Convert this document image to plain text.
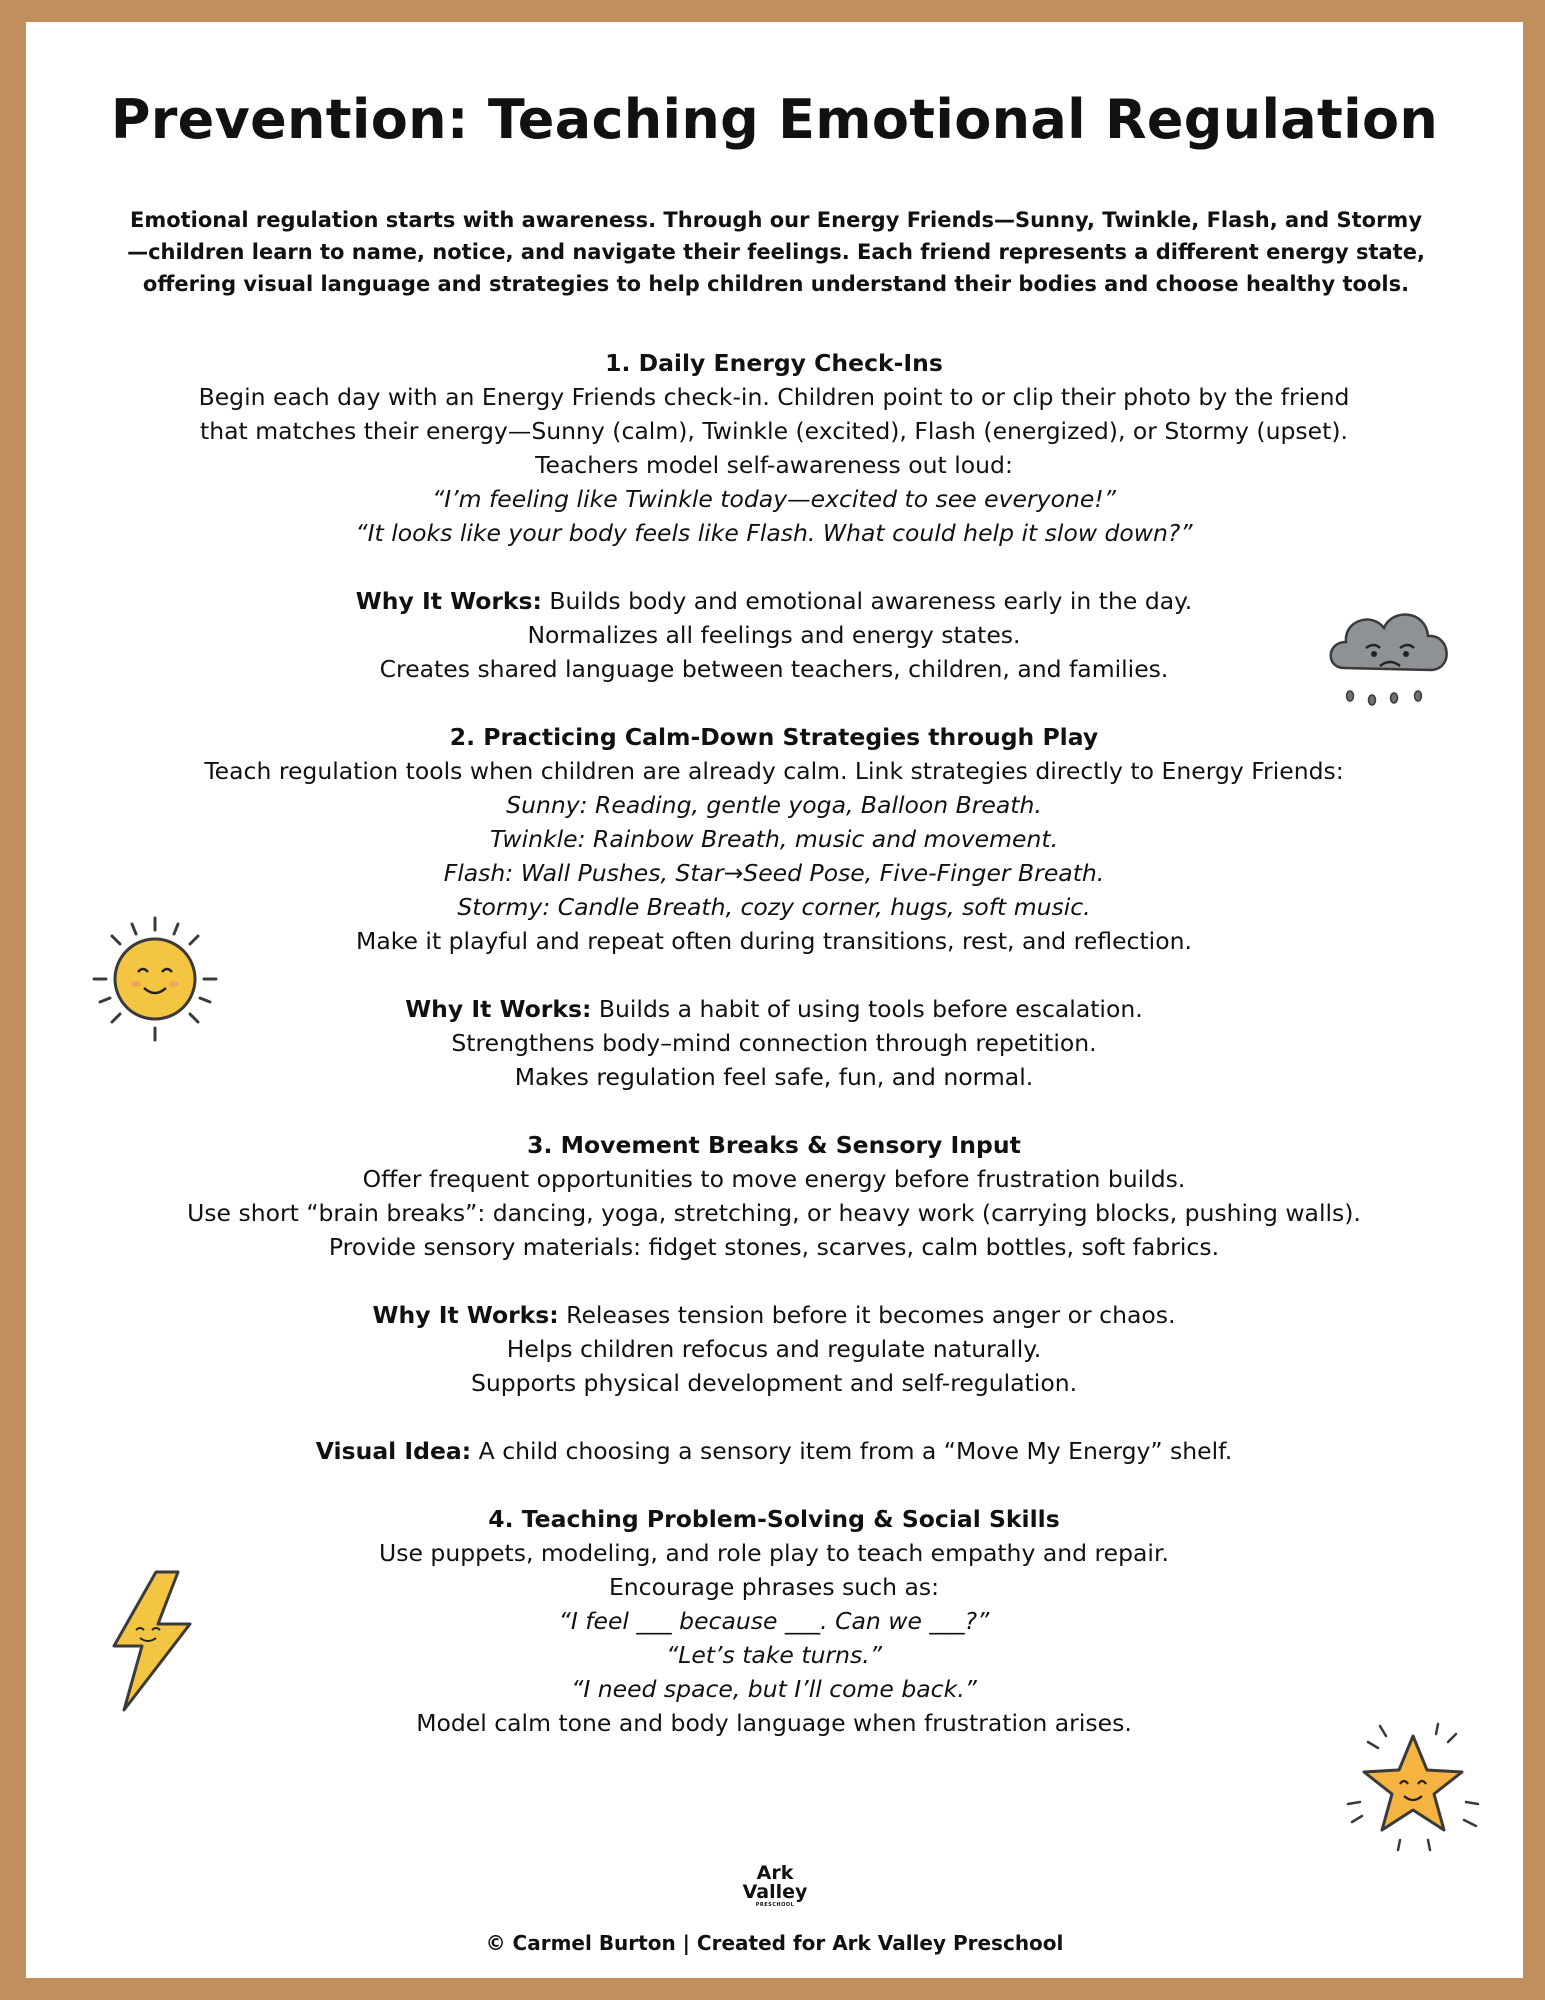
Prevention: Teaching Emotional Regulation
Emotional regulation starts with awareness. Through our Energy Friends—Sunny, Twinkle, Flash, and Stormy—children learn to name, notice, and navigate their feelings. Each friend represents a different energy state, offering visual language and strategies to help children understand their bodies and choose healthy tools.

1. Daily Energy Check-Ins

Begin each day with an Energy Friends check-in. Children point to or clip their photo by the friend that matches their energy—Sunny (calm), Twinkle (excited), Flash (energized), or Stormy (upset).

Teachers model self-awareness out loud:

“I’m feeling like Twinkle today—excited to see everyone!”

“It looks like your body feels like Flash. What could help it slow down?”

Why It Works: Builds body and emotional awareness early in the day.

Normalizes all feelings and energy states.

Creates shared language between teachers, children, and families.

2. Practicing Calm-Down Strategies through Play

Teach regulation tools when children are already calm. Link strategies directly to Energy Friends:

Sunny: Reading, gentle yoga, Balloon Breath.

Twinkle: Rainbow Breath, music and movement.

Flash: Wall Pushes, Star→Seed Pose, Five-Finger Breath.

Stormy: Candle Breath, cozy corner, hugs, soft music.

Make it playful and repeat often during transitions, rest, and reflection.

Why It Works: Builds a habit of using tools before escalation.

Strengthens body–mind connection through repetition.

Makes regulation feel safe, fun, and normal.

3. Movement Breaks & Sensory Input

Offer frequent opportunities to move energy before frustration builds.

Use short “brain breaks”: dancing, yoga, stretching, or heavy work (carrying blocks, pushing walls).

Provide sensory materials: fidget stones, scarves, calm bottles, soft fabrics.

Why It Works: Releases tension before it becomes anger or chaos.

Helps children refocus and regulate naturally.

Supports physical development and self-regulation.

Visual Idea: A child choosing a sensory item from a “Move My Energy” shelf.

4. Teaching Problem-Solving & Social Skills

Use puppets, modeling, and role play to teach empathy and repair.

Encourage phrases such as:

“I feel ___ because ___. Can we ___?”

“Let’s take turns.”

“I need space, but I’ll come back.”

Model calm tone and body language when frustration arises.

Ark
Valley
PRESCHOOL
© Carmel Burton | Created for Ark Valley Preschool
